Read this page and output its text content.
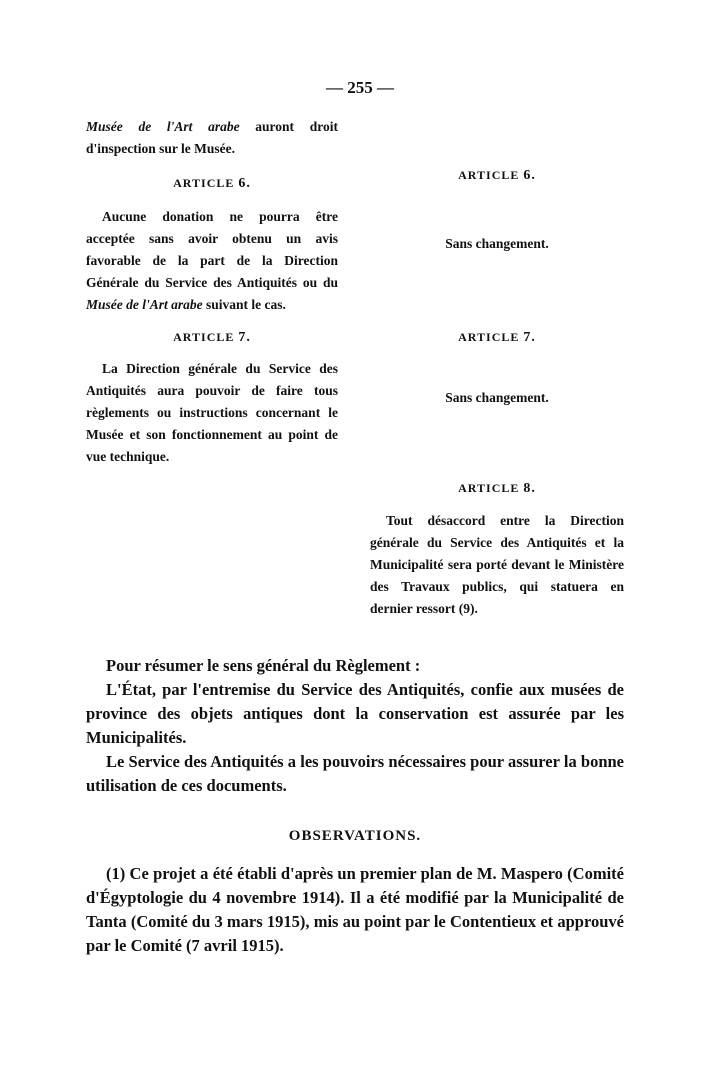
— 255 —

Musée de l'Art arabe auront droit d'inspection sur le Musée.

ARTICLE 6.

Aucune donation ne pourra être acceptée sans avoir obtenu un avis favorable de la part de la Direction Générale du Service des Antiquités ou du Musée de l'Art arabe suivant le cas.

ARTICLE 7.

La Direction générale du Service des Antiquités aura pouvoir de faire tous règlements ou instructions concernant le Musée et son fonctionnement au point de vue technique.

ARTICLE 6.
Sans changement.
ARTICLE 7.
Sans changement.
ARTICLE 8.

Tout désaccord entre la Direction générale du Service des Antiquités et la Municipalité sera porté devant le Ministère des Travaux publics, qui statuera en dernier ressort (9).

Pour résumer le sens général du Règlement :

L'État, par l'entremise du Service des Antiquités, confie aux musées de province des objets antiques dont la conservation est assurée par les Municipalités.

Le Service des Antiquités a les pouvoirs nécessaires pour assurer la bonne utilisation de ces documents.

OBSERVATIONS.

(1) Ce projet a été établi d'après un premier plan de M. Maspero (Comité d'Égyptologie du 4 novembre 1914). Il a été modifié par la Municipalité de Tanta (Comité du 3 mars 1915), mis au point par le Contentieux et approuvé par le Comité (7 avril 1915).
